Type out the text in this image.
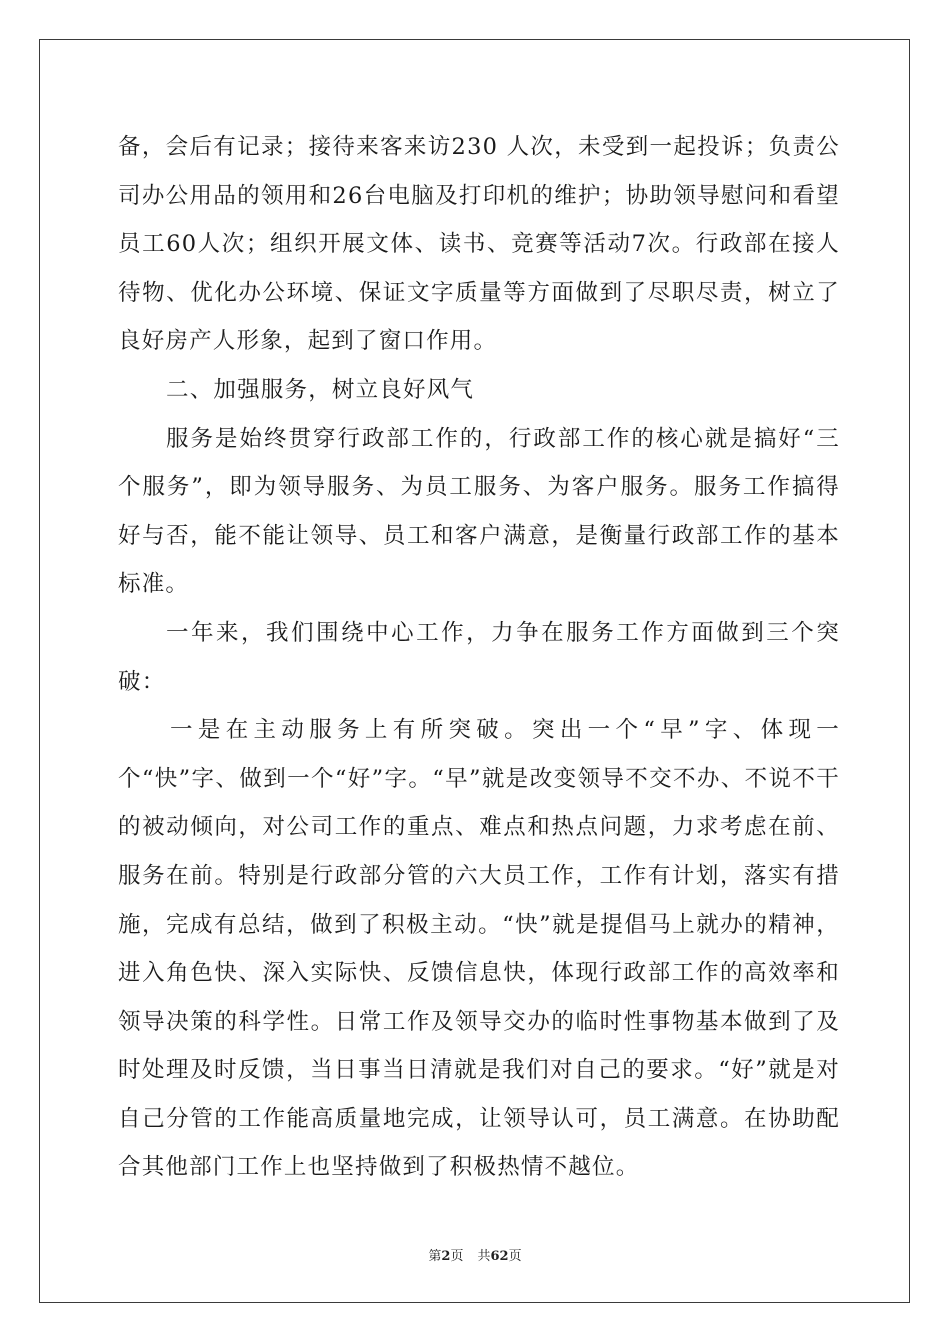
备，会后有记录；接待来客来访230 人次，未受到一起投诉；负责公司办公用品的领用和26台电脑及打印机的维护；协助领导慰问和看望员工60人次；组织开展文体、读书、竞赛等活动7次。行政部在接人待物、优化办公环境、保证文字质量等方面做到了尽职尽责，树立了良好房产人形象，起到了窗口作用。

二、加强服务，树立良好风气

服务是始终贯穿行政部工作的，行政部工作的核心就是搞好“三个服务”，即为领导服务、为员工服务、为客户服务。服务工作搞得好与否，能不能让领导、员工和客户满意，是衡量行政部工作的基本标准。

一年来，我们围绕中心工作，力争在服务工作方面做到三个突破：

一是在主动服务上有所突破。突出一个“早”字、体现一个“快”字、做到一个“好”字。“早”就是改变领导不交不办、不说不干的被动倾向，对公司工作的重点、难点和热点问题，力求考虑在前、服务在前。特别是行政部分管的六大员工作，工作有计划，落实有措施，完成有总结，做到了积极主动。“快”就是提倡马上就办的精神，进入角色快、深入实际快、反馈信息快，体现行政部工作的高效率和领导决策的科学性。日常工作及领导交办的临时性事物基本做到了及时处理及时反馈，当日事当日清就是我们对自己的要求。“好”就是对自己分管的工作能高质量地完成，让领导认可，员工满意。在协助配合其他部门工作上也坚持做到了积极热情不越位。

第2页 共62页
